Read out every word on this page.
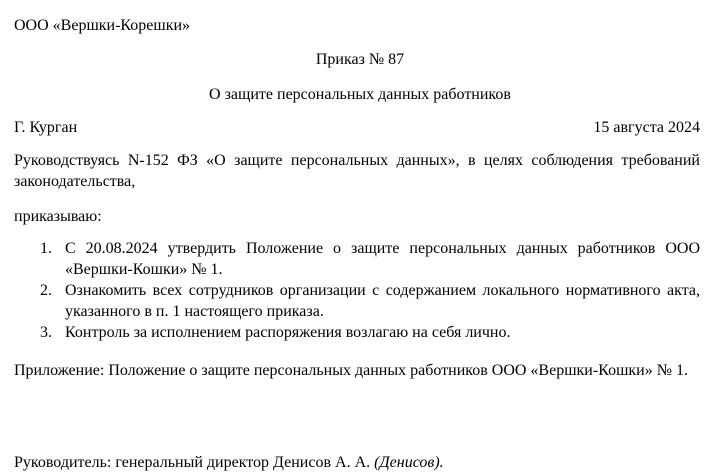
ООО «Вершки-Корешки»
Приказ № 87
О защите персональных данных работников
Г. Курган	15 августа 2024
Руководствуясь N-152 ФЗ «О защите персональных данных», в целях соблюдения требований законодательства,
приказываю:
1. С 20.08.2024 утвердить Положение о защите персональных данных работников ООО «Вершки-Кошки» № 1.
2. Ознакомить всех сотрудников организации с содержанием локального нормативного акта, указанного в п. 1 настоящего приказа.
3. Контроль за исполнением распоряжения возлагаю на себя лично.
Приложение: Положение о защите персональных данных работников ООО «Вершки-Кошки» № 1.
Руководитель: генеральный директор Денисов А. А. (Денисов).
